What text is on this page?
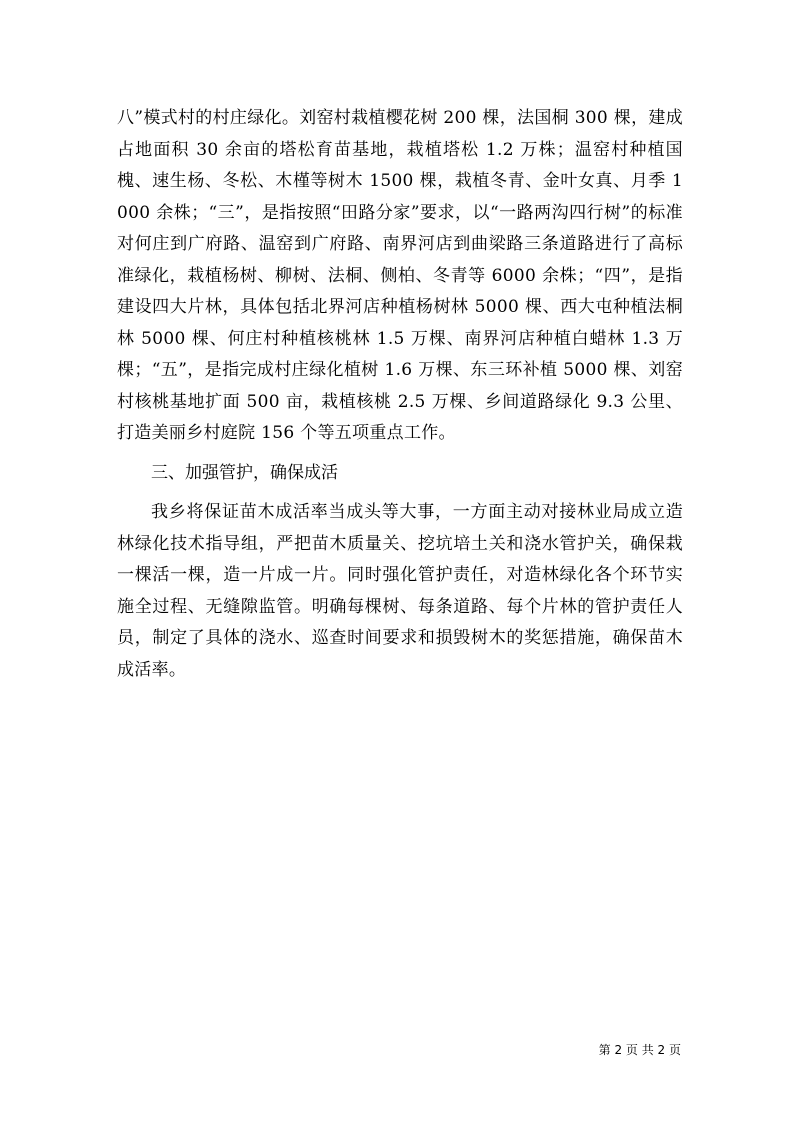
八”模式村的村庄绿化。刘窑村栽植樱花树 200 棵，法国桐 300 棵，建成占地面积 30 余亩的塔松育苗基地，栽植塔松 1.2 万株；温窑村种植国槐、速生杨、冬松、木槿等树木 1500 棵，栽植冬青、金叶女真、月季 1000 余株；“三”，是指按照“田路分家”要求，以“一路两沟四行树”的标准对何庄到广府路、温窑到广府路、南界河店到曲梁路三条道路进行了高标准绿化，栽植杨树、柳树、法桐、侧柏、冬青等 6000 余株；“四”，是指建设四大片林，具体包括北界河店种植杨树林 5000 棵、西大屯种植法桐林 5000 棵、何庄村种植核桃林 1.5 万棵、南界河店种植白蜡林 1.3 万棵；“五”，是指完成村庄绿化植树 1.6 万棵、东三环补植 5000 棵、刘窑村核桃基地扩面 500 亩，栽植核桃 2.5 万棵、乡间道路绿化 9.3 公里、打造美丽乡村庭院 156 个等五项重点工作。

三、加强管护，确保成活

我乡将保证苗木成活率当成头等大事，一方面主动对接林业局成立造林绿化技术指导组，严把苗木质量关、挖坑培土关和浇水管护关，确保栽一棵活一棵，造一片成一片。同时强化管护责任，对造林绿化各个环节实施全过程、无缝隙监管。明确每棵树、每条道路、每个片林的管护责任人员，制定了具体的浇水、巡查时间要求和损毁树木的奖惩措施，确保苗木成活率。

第 2 页 共 2 页
